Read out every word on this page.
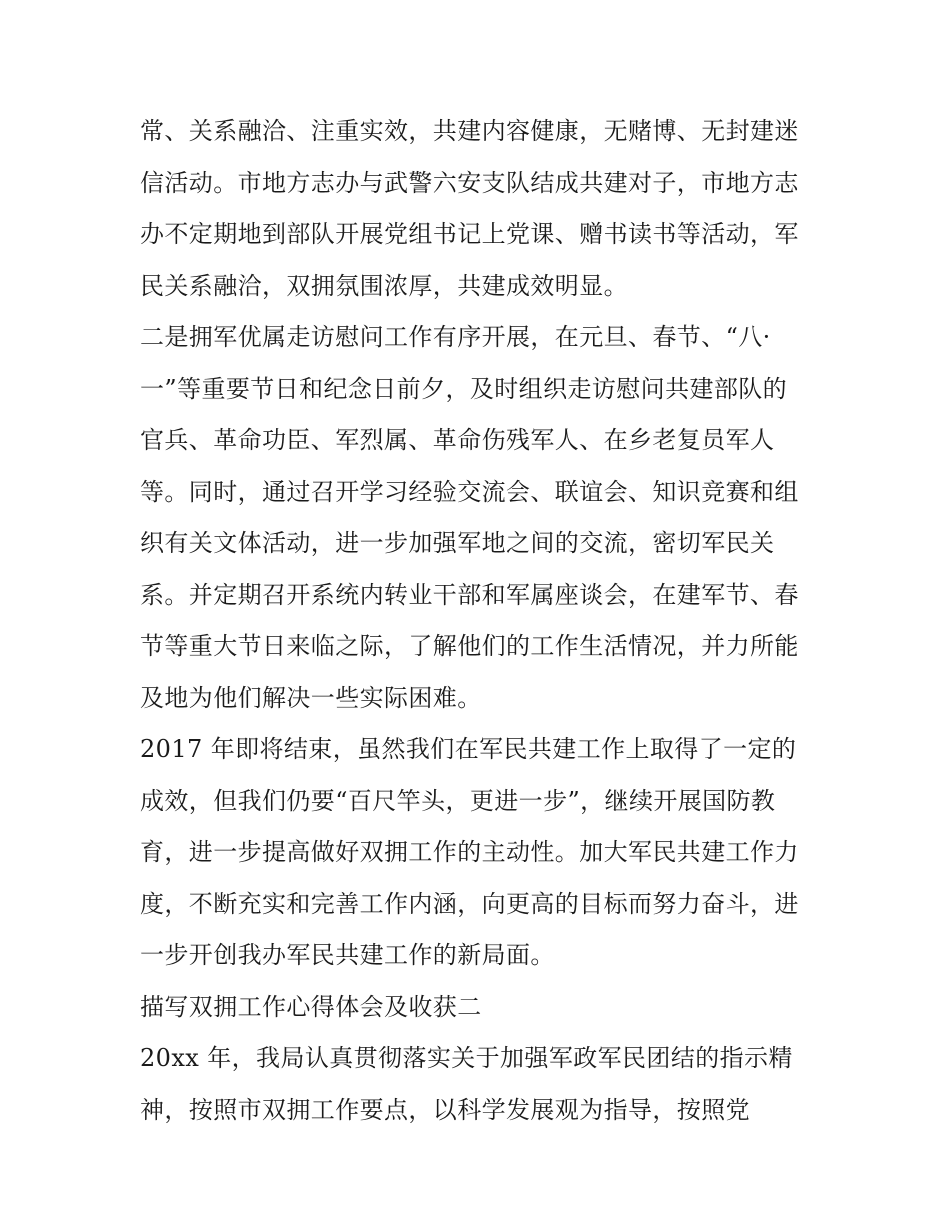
常、关系融洽、注重实效，共建内容健康，无赌博、无封建迷
信活动。市地方志办与武警六安支队结成共建对子，市地方志
办不定期地到部队开展党组书记上党课、赠书读书等活动，军
民关系融洽，双拥氛围浓厚，共建成效明显。
二是拥军优属走访慰问工作有序开展，在元旦、春节、“八·
一”等重要节日和纪念日前夕，及时组织走访慰问共建部队的
官兵、革命功臣、军烈属、革命伤残军人、在乡老复员军人
等。同时，通过召开学习经验交流会、联谊会、知识竞赛和组
织有关文体活动，进一步加强军地之间的交流，密切军民关
系。并定期召开系统内转业干部和军属座谈会，在建军节、春
节等重大节日来临之际，了解他们的工作生活情况，并力所能
及地为他们解决一些实际困难。
2017 年即将结束，虽然我们在军民共建工作上取得了一定的
成效，但我们仍要“百尺竿头，更进一步”，继续开展国防教
育，进一步提高做好双拥工作的主动性。加大军民共建工作力
度，不断充实和完善工作内涵，向更高的目标而努力奋斗，进
一步开创我办军民共建工作的新局面。
描写双拥工作心得体会及收获二
20xx 年，我局认真贯彻落实关于加强军政军民团结的指示精
神，按照市双拥工作要点，以科学发展观为指导，按照党
